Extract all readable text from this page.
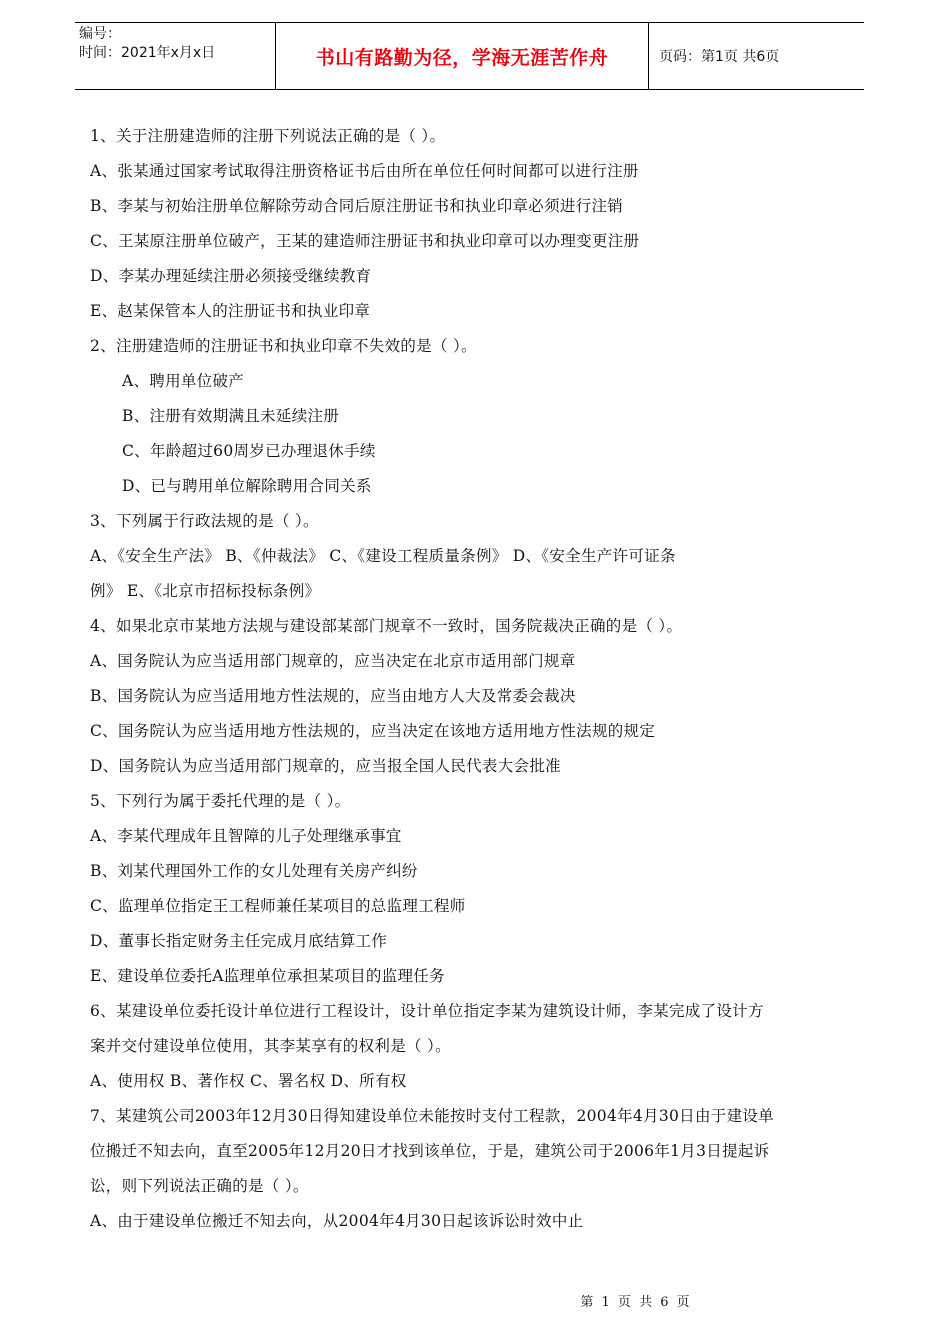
编号：
时间：2021年x月x日	书山有路勤为径，学海无涯苦作舟	页码：第1页 共6页
1、关于注册建造师的注册下列说法正确的是（ ）。
A、张某通过国家考试取得注册资格证书后由所在单位任何时间都可以进行注册
B、李某与初始注册单位解除劳动合同后原注册证书和执业印章必须进行注销
C、王某原注册单位破产，王某的建造师注册证书和执业印章可以办理变更注册
D、李某办理延续注册必须接受继续教育
E、赵某保管本人的注册证书和执业印章
2、注册建造师的注册证书和执业印章不失效的是（ ）。
A、聘用单位破产
B、注册有效期满且未延续注册
C、年龄超过60周岁已办理退休手续
D、已与聘用单位解除聘用合同关系
3、下列属于行政法规的是（ ）。
A、《安全生产法》 B、《仲裁法》 C、《建设工程质量条例》 D、《安全生产许可证条
例》 E、《北京市招标投标条例》
4、如果北京市某地方法规与建设部某部门规章不一致时，国务院裁决正确的是（ ）。
A、国务院认为应当适用部门规章的，应当决定在北京市适用部门规章
B、国务院认为应当适用地方性法规的，应当由地方人大及常委会裁决
C、国务院认为应当适用地方性法规的，应当决定在该地方适用地方性法规的规定
D、国务院认为应当适用部门规章的，应当报全国人民代表大会批准
5、下列行为属于委托代理的是（ ）。
A、李某代理成年且智障的儿子处理继承事宜
B、刘某代理国外工作的女儿处理有关房产纠纷
C、监理单位指定王工程师兼任某项目的总监理工程师
D、董事长指定财务主任完成月底结算工作
E、建设单位委托A监理单位承担某项目的监理任务
6、某建设单位委托设计单位进行工程设计，设计单位指定李某为建筑设计师，李某完成了设计方
案并交付建设单位使用，其李某享有的权利是（ ）。
A、使用权 B、著作权 C、署名权 D、所有权
7、某建筑公司2003年12月30日得知建设单位未能按时支付工程款，2004年4月30日由于建设单
位搬迁不知去向，直至2005年12月20日才找到该单位，于是，建筑公司于2006年1月3日提起诉
讼，则下列说法正确的是（ ）。
A、由于建设单位搬迁不知去向，从2004年4月30日起该诉讼时效中止
第 1 页 共 6 页
